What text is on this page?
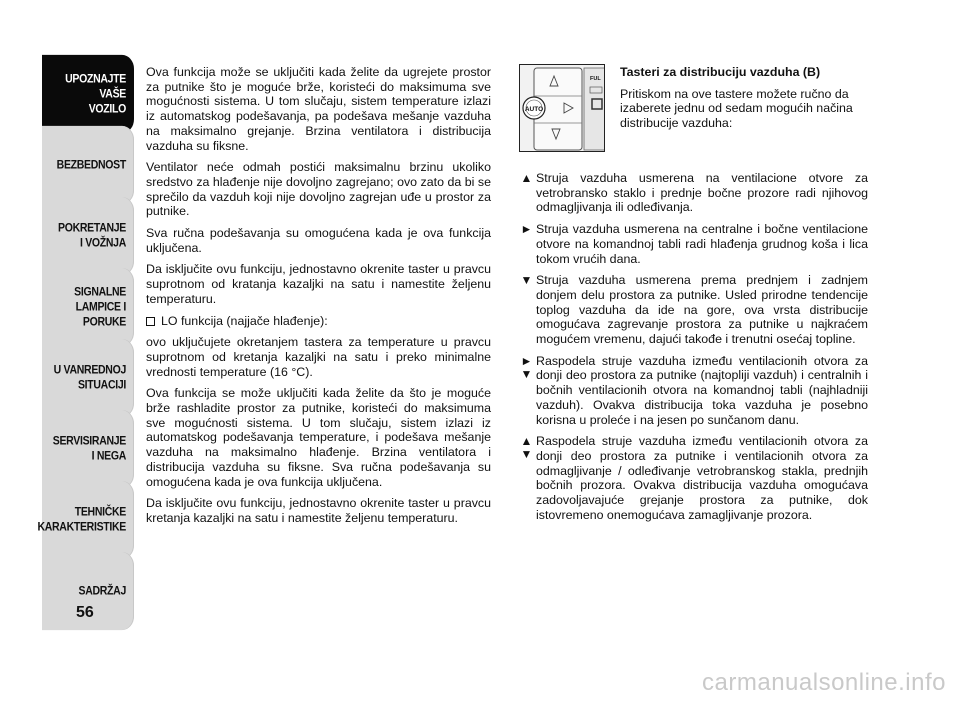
UPOZNAJTE
VAŠE
VOZILO
BEZBEDNOST
POKRETANJE
I VOŽNJA
SIGNALNE
LAMPICE I PORUKE
U VANREDNOJ
SITUACIJI
SERVISIRANJE
I NEGA
TEHNIČKE
KARAKTERISTIKE
SADRŽAJ
56

Ova funkcija može se uključiti kada želite da ugrejete prostor za putnike što je moguće brže, koristeći do maksimuma sve mogućnosti sistema. U tom slučaju, sistem temperature izlazi iz automatskog podešavanja, pa podešava mešanje vazduha na maksimalno grejanje. Brzina ventilatora i distribucija vazduha su fiksne.

Ventilator neće odmah postići maksimalnu brzinu ukoliko sredstvo za hlađenje nije dovoljno zagrejano; ovo zato da bi se sprečilo da vazduh koji nije dovoljno zagrejan uđe u prostor za putnike.

Sva ručna podešavanja su omogućena kada je ova funkcija uključena.

Da isključite ovu funkciju, jednostavno okrenite taster u pravcu suprotnom od kratanja kazaljki na satu i namestite željenu temperaturu.

LO funkcija (najjače hlađenje):

ovo uključujete okretanjem tastera za temperature u pravcu suprotnom od kretanja kazaljki na satu i preko minimalne vrednosti temperature (16 °C).

Ova funkcija se može uključiti kada želite da što je moguće brže rashladite prostor za putnike, koristeći do maksimuma sve mogućnosti sistema. U tom slučaju, sistem izlazi iz automatskog podešavanja temperature, i podešava mešanje vazduha na maksimalno hlađenje. Brzina ventilatora i distribucija vazduha su fiksne. Sva ručna podešavanja su omogućena kada je ova funkcija uključena.

Da isključite ovu funkciju, jednostavno okrenite taster u pravcu kretanja kazaljki na satu i namestite željenu temperaturu.

AUTO
FUL Tasteri za distribuciju vazduha (B)

Pritiskom na ove tastere možete ručno da izaberete jednu od sedam mogućih načina distribucije vazduha:

▲ Struja vazduha usmerena na ventilacione otvore za vetrobransko staklo i prednje bočne prozore radi njihovog odmagljivanja ili odleđivanja.
► Struja vazduha usmerena na centralne i bočne ventilacione otvore na komandnoj tabli radi hlađenja grudnog koša i lica tokom vrućih dana.
▼ Struja vazduha usmerena prema prednjem i zadnjem donjem delu prostora za putnike. Usled prirodne tendencije toplog vazduha da ide na gore, ova vrsta distribucije omogućava zagrevanje prostora za putnike u najkraćem mogućem vremenu, dajući takođe i trenutni osećaj topline.
►
▼
Raspodela struje vazduha između ventilacionih otvora za donji deo prostora za putnike (najtopliji vazduh) i centralnih i bočnih ventilacionih otvora na komandnoj tabli (najhladniji vazduh). Ovakva distribucija toka vazduha je posebno korisna u proleće i na jesen po sunčanom danu.
▲
▼
Raspodela struje vazduha između ventilacionih otvora za donji deo prostora za putnike i ventilacionih otvora za odmagljivanje / odleđivanje vetrobranskog stakla, prednjih bočnih prozora. Ovakva distribucija vazduha omogućava zadovoljavajuće grejanje prostora za putnike, dok istovremeno onemogućava zamagljivanje prozora.
carmanualsonline.info
